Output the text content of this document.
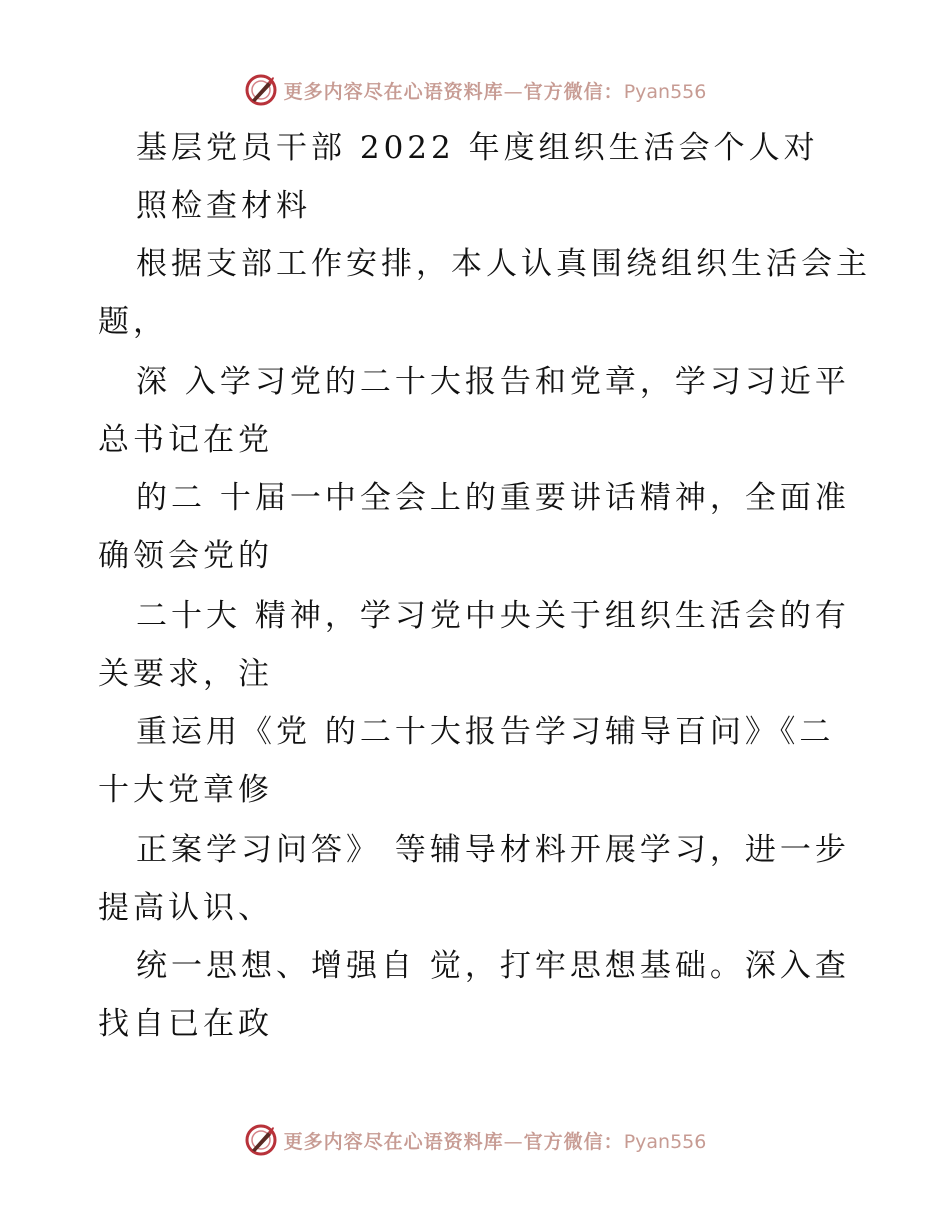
更多内容尽在心语资料库—官方微信：Pyan556
基层党员干部 2022 年度组织生活会个人对
照检查材料
根据支部工作安排，本人认真围绕组织生活会主
题，
深 入学习党的二十大报告和党章，学习习近平
总书记在党
的二 十届一中全会上的重要讲话精神，全面准
确领会党的
二十大 精神，学习党中央关于组织生活会的有
关要求，注
重运用《党 的二十大报告学习辅导百问》《二
十大党章修
正案学习问答》 等辅导材料开展学习，进一步
提高认识、
统一思想、增强自 觉，打牢思想基础。深入查
找自已在政
更多内容尽在心语资料库—官方微信：Pyan556
